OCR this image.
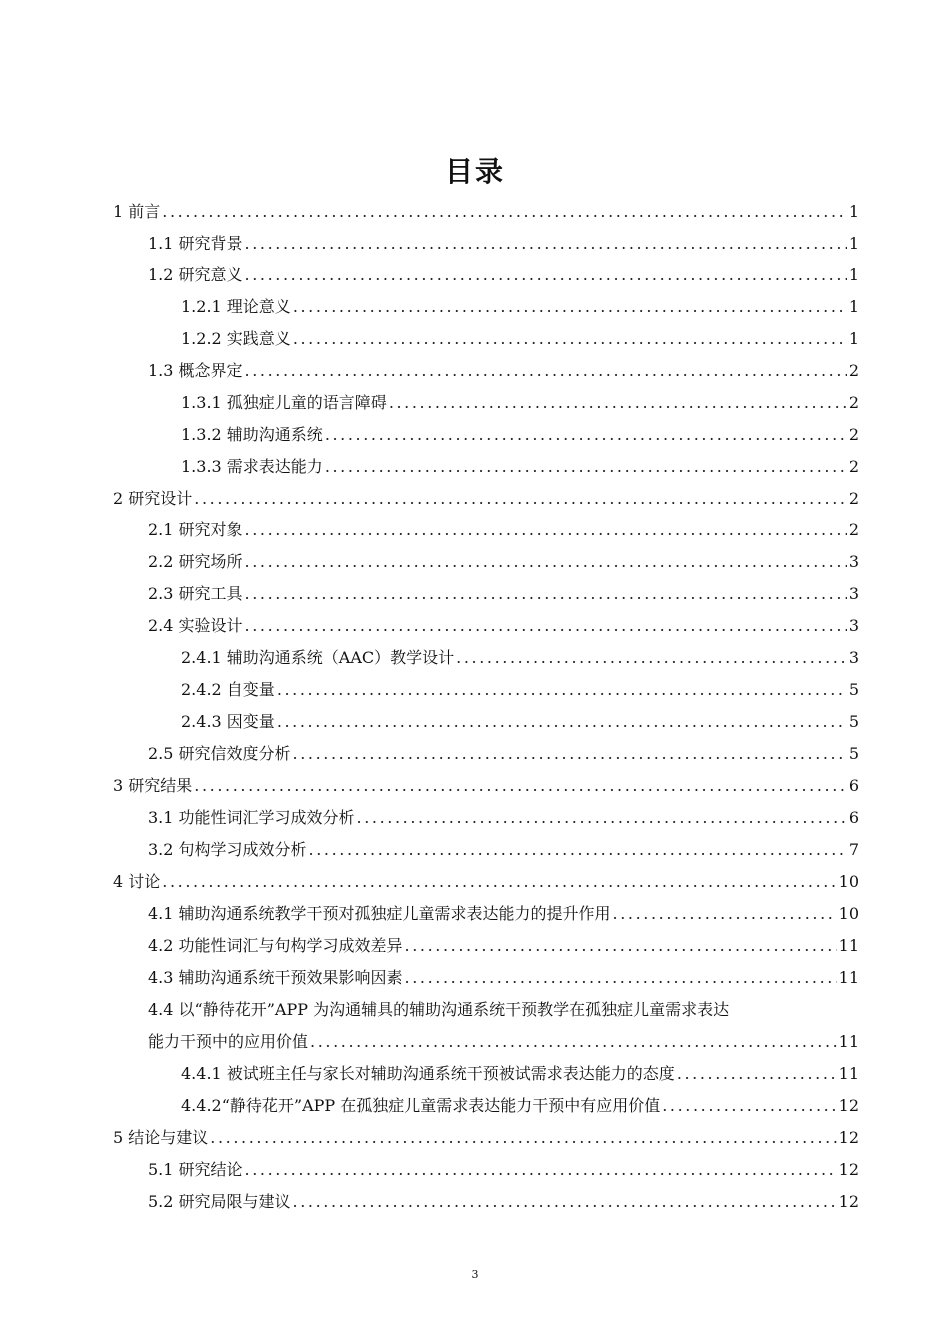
目录
1 前言 .....	1
1.1 研究背景 .....	1
1.2 研究意义 .....	1
1.2.1 理论意义 .....	1
1.2.2 实践意义 .....	1
1.3 概念界定 .....	2
1.3.1 孤独症儿童的语言障碍 .....	2
1.3.2 辅助沟通系统 .....	2
1.3.3 需求表达能力 .....	2
2 研究设计 .....	2
2.1 研究对象 .....	2
2.2 研究场所 .....	3
2.3 研究工具 .....	3
2.4 实验设计 .....	3
2.4.1 辅助沟通系统（AAC）教学设计 .....	3
2.4.2 自变量 .....	5
2.4.3 因变量 .....	5
2.5 研究信效度分析 .....	5
3 研究结果 .....	6
3.1 功能性词汇学习成效分析 .....	6
3.2 句构学习成效分析 .....	7
4 讨论 .....	10
4.1 辅助沟通系统教学干预对孤独症儿童需求表达能力的提升作用 .....	10
4.2 功能性词汇与句构学习成效差异 .....	11
4.3 辅助沟通系统干预效果影响因素 .....	11
4.4 以“静待花开”APP 为沟通辅具的辅助沟通系统干预教学在孤独症儿童需求表达
能力干预中的应用价值 .....	11
4.4.1 被试班主任与家长对辅助沟通系统干预被试需求表达能力的态度 .....	11
4.4.2“静待花开”APP 在孤独症儿童需求表达能力干预中有应用价值 .....	12
5 结论与建议 .....	12
5.1 研究结论 .....	12
5.2 研究局限与建议 .....	12
3
